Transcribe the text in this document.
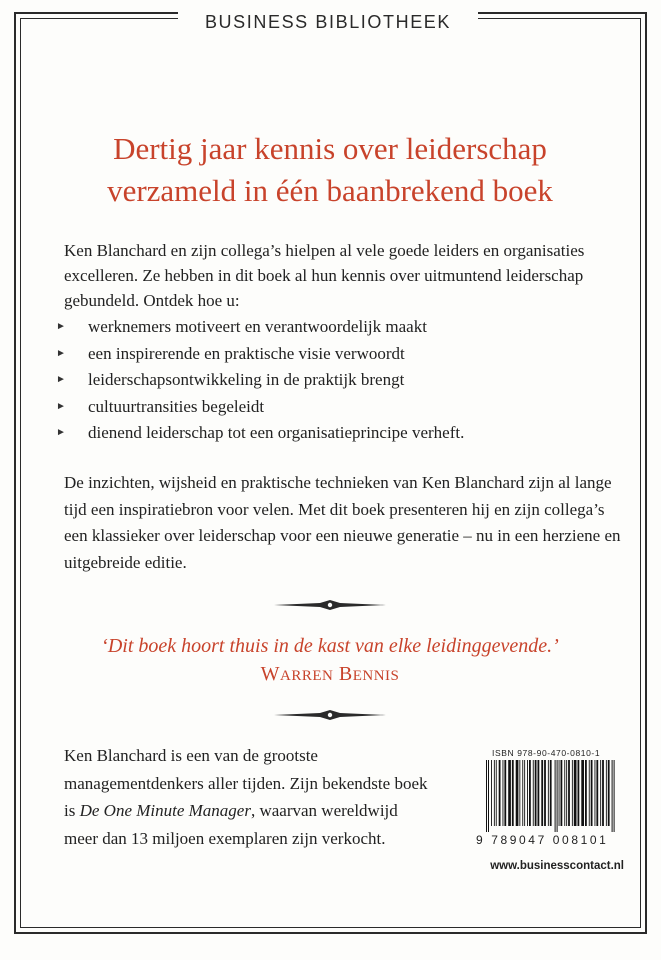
BUSINESS BIBLIOTHEEK
Dertig jaar kennis over leiderschap
verzameld in één baanbrekend boek
Ken Blanchard en zijn collega’s hielpen al vele goede leiders en organisaties excelleren. Ze hebben in dit boek al hun kennis over uitmuntend leiderschap gebundeld. Ontdek hoe u:
► werknemers motiveert en verantwoordelijk maakt
► een inspirerende en praktische visie verwoordt
► leiderschapsontwikkeling in de praktijk brengt
► cultuurtransities begeleidt
► dienend leiderschap tot een organisatieprincipe verheft.
De inzichten, wijsheid en praktische technieken van Ken Blanchard zijn al lange tijd een inspiratiebron voor velen. Met dit boek presenteren hij en zijn collega’s een klassieker over leiderschap voor een nieuwe generatie – nu in een herziene en uitgebreide editie.
‘Dit boek hoort thuis in de kast van elke leidinggevende.’
WARREN BENNIS
Ken Blanchard is een van de grootste managementdenkers aller tijden. Zijn bekendste boek is De One Minute Manager, waarvan wereldwijd meer dan 13 miljoen exemplaren zijn verkocht.
ISBN 978-90-470-0810-1
9 789047 008101
www.businesscontact.nl
